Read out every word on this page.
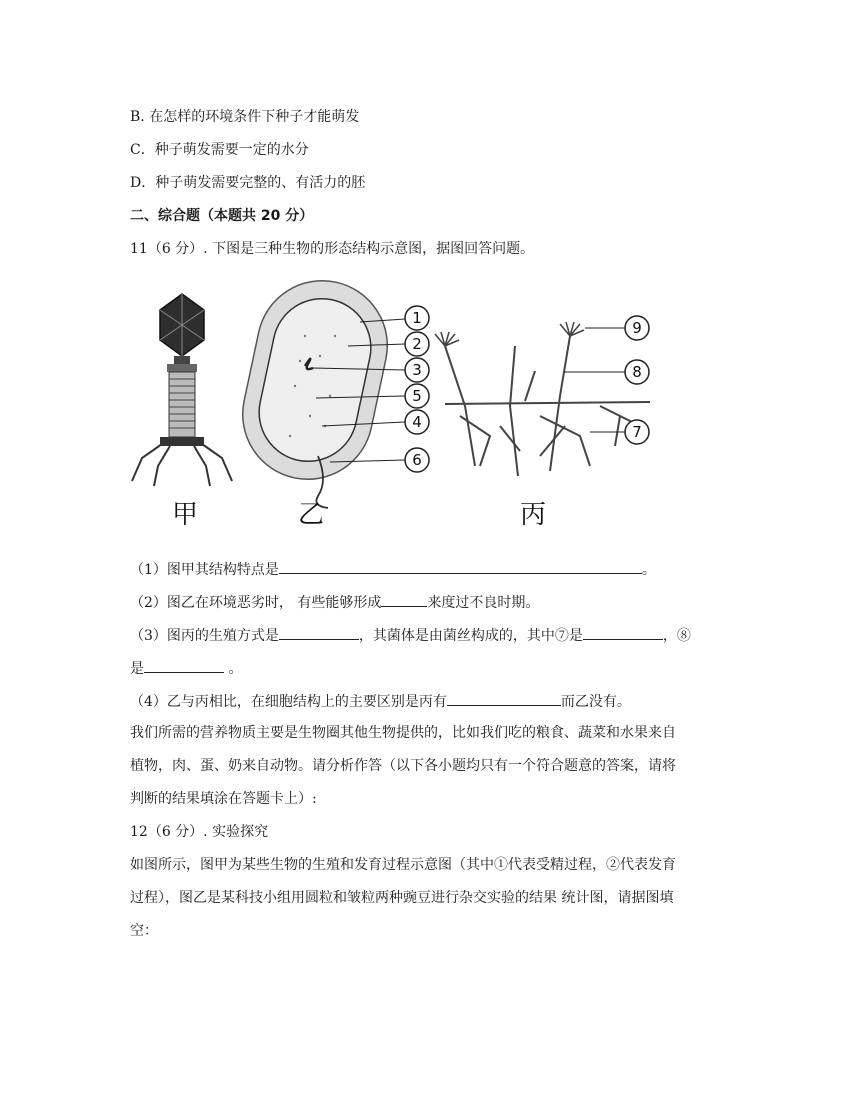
B. 在怎样的环境条件下种子才能萌发
C．种子萌发需要一定的水分
D．种子萌发需要完整的、有活力的胚
二、综合题（本题共 20 分）
11（6 分）. 下图是三种生物的形态结构示意图，据图回答问题。
1
2
3
5
4
6
9
8
7
甲	乙	丙
（1）图甲其结构特点是	。
（2）图乙在环境恶劣时， 有些能够形成	来度过不良时期。
（3）图丙的生殖方式是	，其菌体是由菌丝构成的，其中⑦是	，⑧
是	。
（4）乙与丙相比，在细胞结构上的主要区别是丙有	而乙没有。
我们所需的营养物质主要是生物圈其他生物提供的，比如我们吃的粮食、蔬菜和水果来自
植物，肉、蛋、奶来自动物。请分析作答（以下各小题均只有一个符合题意的答案，请将
判断的结果填涂在答题卡上）:
12（6 分）. 实验探究
如图所示，图甲为某些生物的生殖和发育过程示意图（其中①代表受精过程，②代表发育
过程），图乙是某科技小组用圆粒和皱粒两种豌豆进行杂交实验的结果 统计图，请据图填
空：
